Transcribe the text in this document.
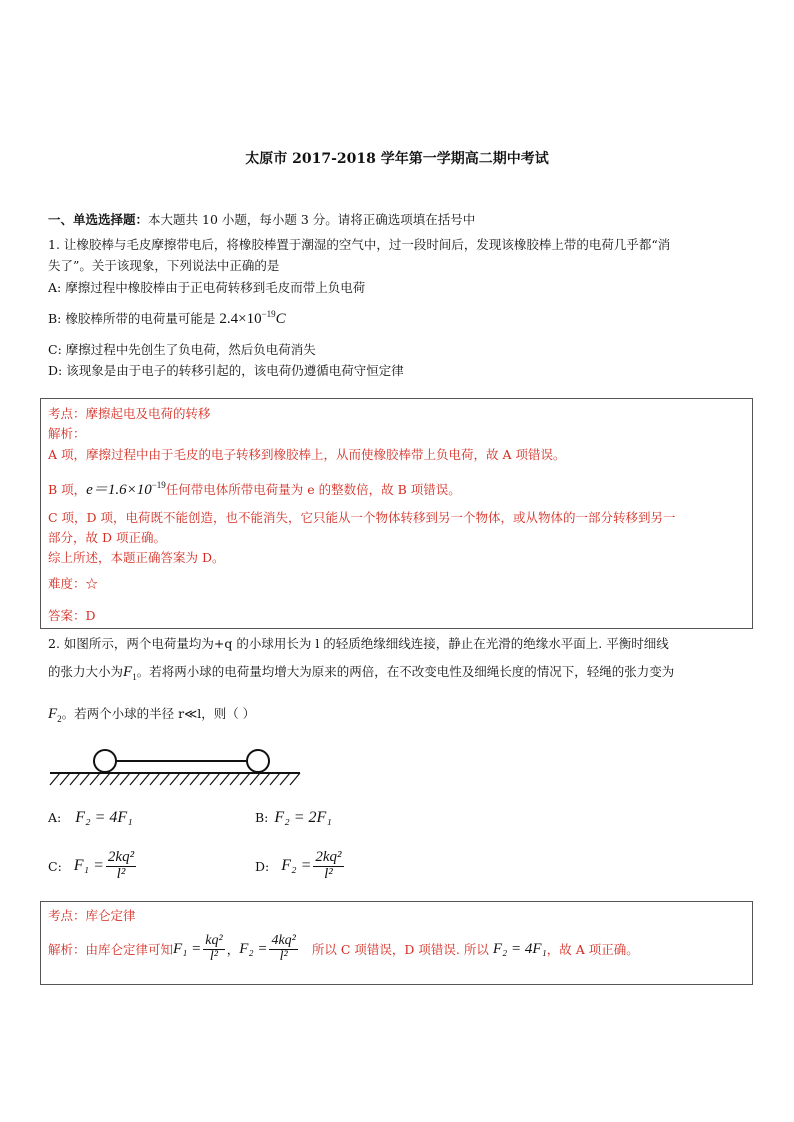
太原市 2017-2018 学年第一学期高二期中考试
一、单选选择题：本大题共 10 小题，每小题 3 分。请将正确选项填在括号中
1. 让橡胶棒与毛皮摩擦带电后，将橡胶棒置于潮湿的空气中，过一段时间后，发现该橡胶棒上带的电荷几乎都“消
失了”。关于该现象，下列说法中正确的是
A: 摩擦过程中橡胶棒由于正电荷转移到毛皮而带上负电荷
B: 橡胶棒所带的电荷量可能是 $2.4\times 10^{-19}C$
C: 摩擦过程中先创生了负电荷，然后负电荷消失
D: 该现象是由于电子的转移引起的，该电荷仍遵循电荷守恒定律
考点：摩擦起电及电荷的转移
解析：
A 项，摩擦过程中由于毛皮的电子转移到橡胶棒上，从而使橡胶棒带上负电荷，故 A 项错误。
B 项，$e=1.6\times 10^{-19}$任何带电体所带电荷量为 e 的整数倍，故 B 项错误。
C 项，D 项，电荷既不能创造，也不能消失，它只能从一个物体转移到另一个物体，或从物体的一部分转移到另一
部分，故 D 项正确。
综上所述，本题正确答案为 D。
难度：☆
答案：D
2. 如图所示，两个电荷量均为+q 的小球用长为 l 的轻质绝缘细线连接，静止在光滑的绝缘水平面上. 平衡时细线
的张力大小为$F_1$。若将两小球的电荷量均增大为原来的两倍，在不改变电性及细绳长度的情况下，轻绳的张力变为
$F_2$。若两个小球的半径 r≪l，则（ ）
A: F₂ = 4F₁	B: F₂ = 2F₁
C: $F_1 = \frac{\text{2kq²}}{\text{l²}}$	D: $F_2 = \frac{\text{2kq²}}{\text{l²}}$
考点：库仑定律
解析：由库仑定律可知 $F_1 = \frac{\text{kq²}}{\text{l²}}$ ， $F_2 = \frac{\text{4kq²}}{\text{l²}}$ 所以 C 项错误，D 项错误. 所以 F₂ = 4F₁ ，故 A 项正确。
